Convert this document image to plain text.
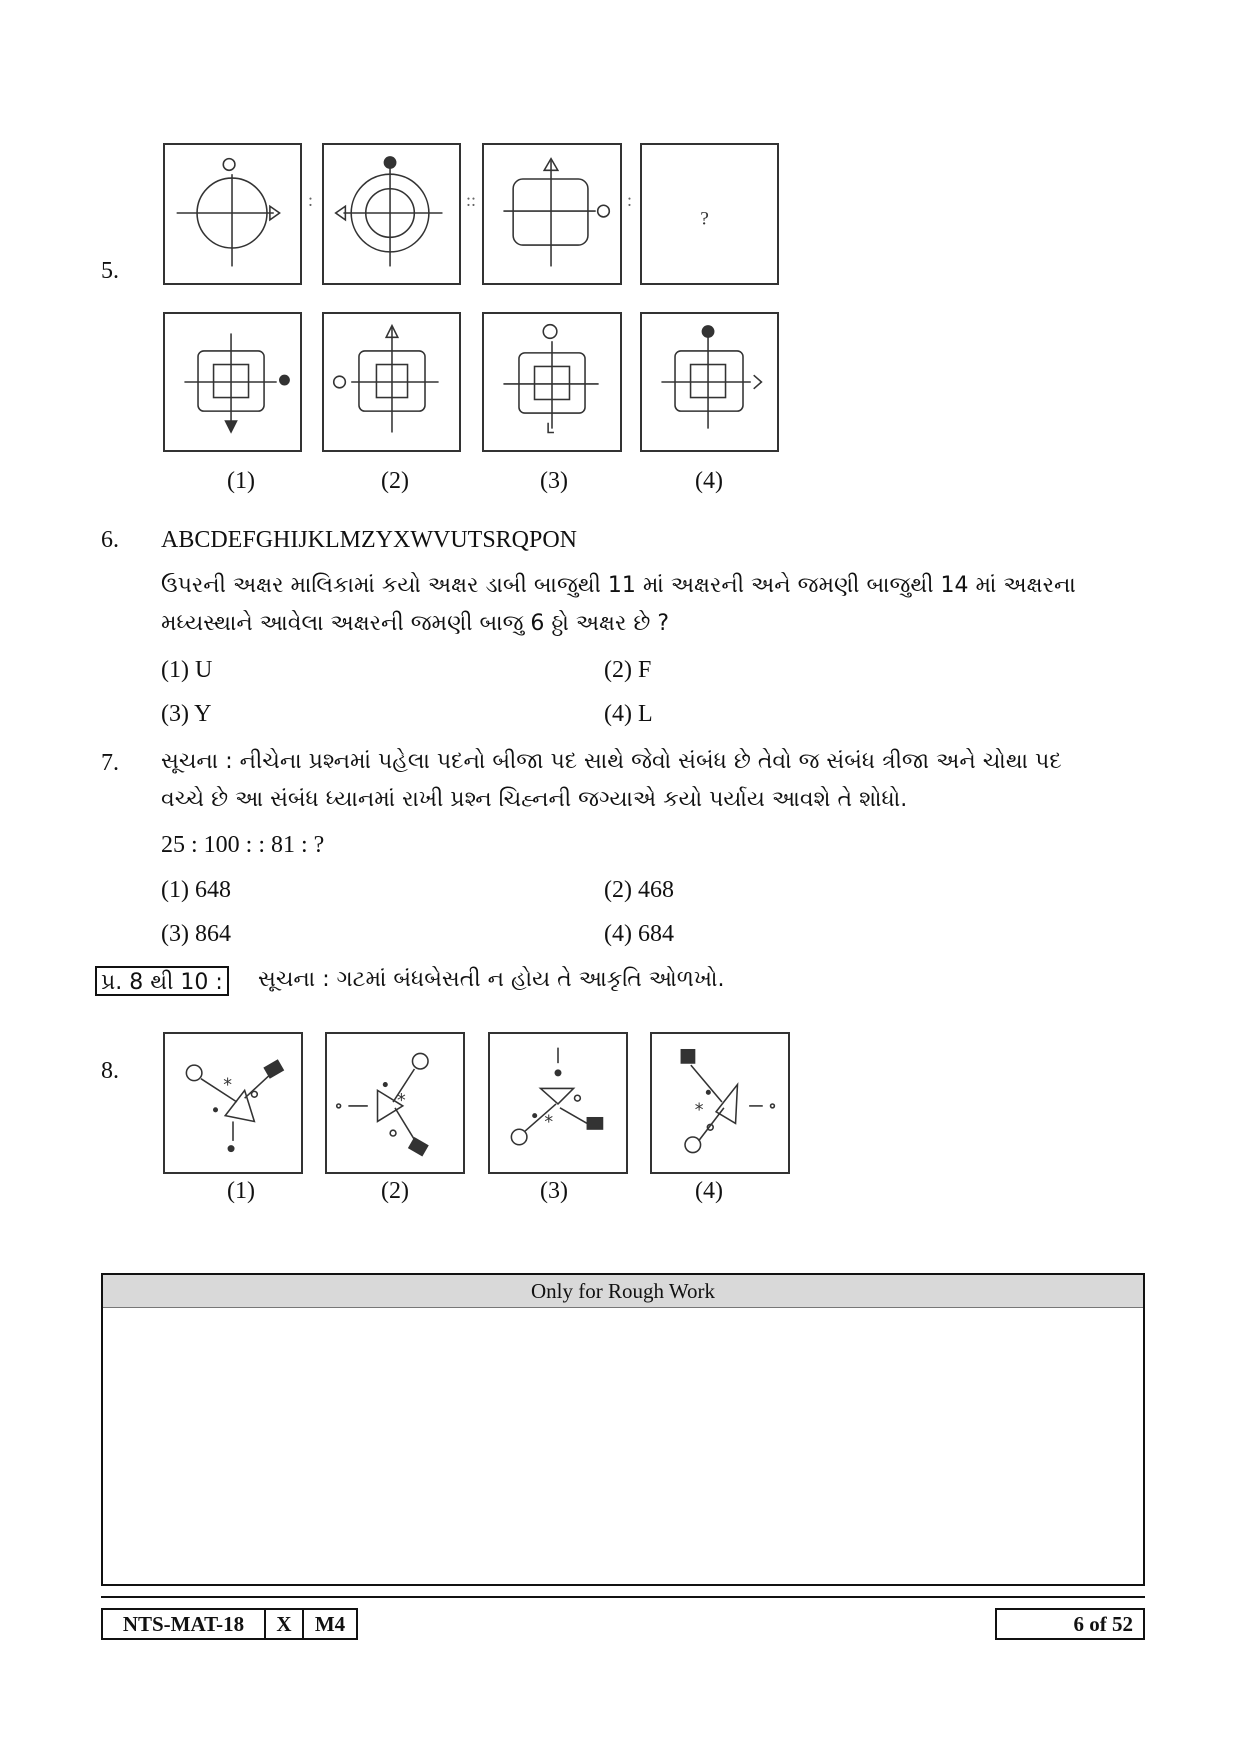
5.
?
:	::	:
(1)	(2)	(3)	(4)
6. ABCDEFGHIJKLMZYXWVUTSRQPON
ઉપરની અક્ષર માલિકામાં કયો અક્ષર ડાબી બાજુથી 11 માં અક્ષરની અને જમણી બાજુથી 14 માં અક્ષરના
મધ્યસ્થાને આવેલા અક્ષરની જમણી બાજુ 6 ઠ્ઠો અક્ષર છે ?
(1) U	(2) F
(3) Y	(4) L
7. સૂચના : નીચેના પ્રશ્નમાં પહેલા પદનો બીજા પદ સાથે જેવો સંબંધ છે તેવો જ સંબંધ ત્રીજા અને ચોથા પદ
વચ્ચે છે આ સંબંધ ધ્યાનમાં રાખી પ્રશ્ન ચિહ્નની જગ્યાએ કયો પર્યાય આવશે તે શોધો.
25 : 100 : : 81 : ?
(1) 648	(2) 468
(3) 864	(4) 684
પ્ર. 8 થી 10 : સૂચના : ગટમાં બંધબેસતી ન હોય તે આકૃતિ ઓળખો.
8.
*
*
*
*
(1)	(2)	(3)	(4)
Only for Rough Work
NTS-MAT-18	X	M4	6 of 52
